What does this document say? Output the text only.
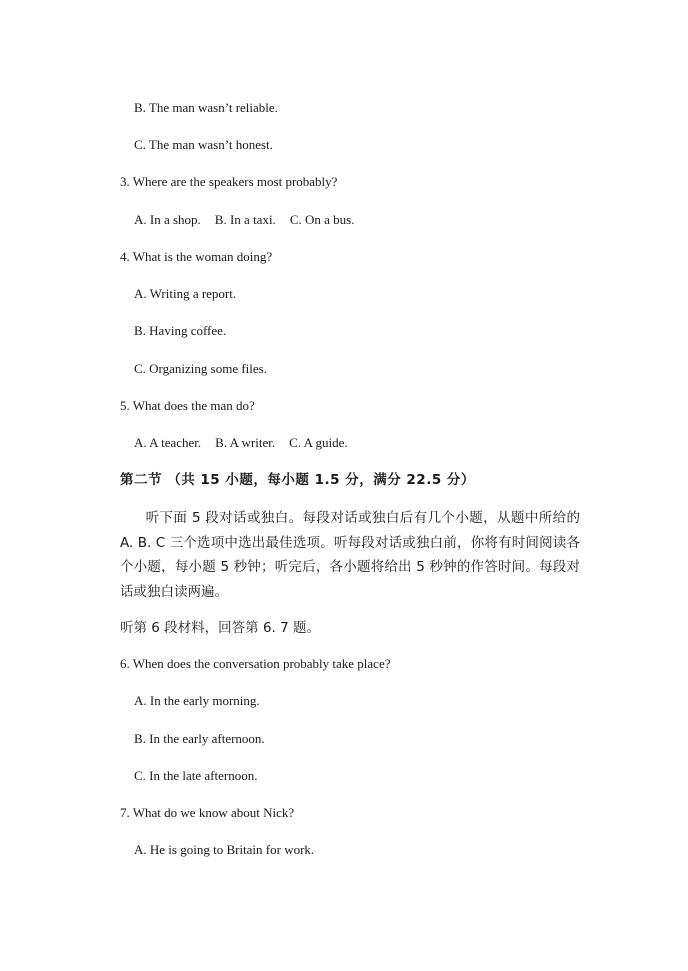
B. The man wasn’t reliable.
C. The man wasn’t honest.
3. Where are the speakers most probably?
A. In a shop. B. In a taxi. C. On a bus.
4. What is the woman doing?
A. Writing a report.
B. Having coffee.
C. Organizing some files.
5. What does the man do?
A. A teacher. B. A writer. C. A guide.
第二节 （共 15 小题，每小题 1.5 分，满分 22.5 分）
听下面 5 段对话或独白。每段对话或独白后有几个小题，从题中所给的 A. B. C 三个选项中选出最佳选项。听每段对话或独白前，你将有时间阅读各个小题，每小题 5 秒钟；听完后，各小题将给出 5 秒钟的作答时间。每段对话或独白读两遍。
听第 6 段材料，回答第 6. 7 题。
6. When does the conversation probably take place?
A. In the early morning.
B. In the early afternoon.
C. In the late afternoon.
7. What do we know about Nick?
A. He is going to Britain for work.
